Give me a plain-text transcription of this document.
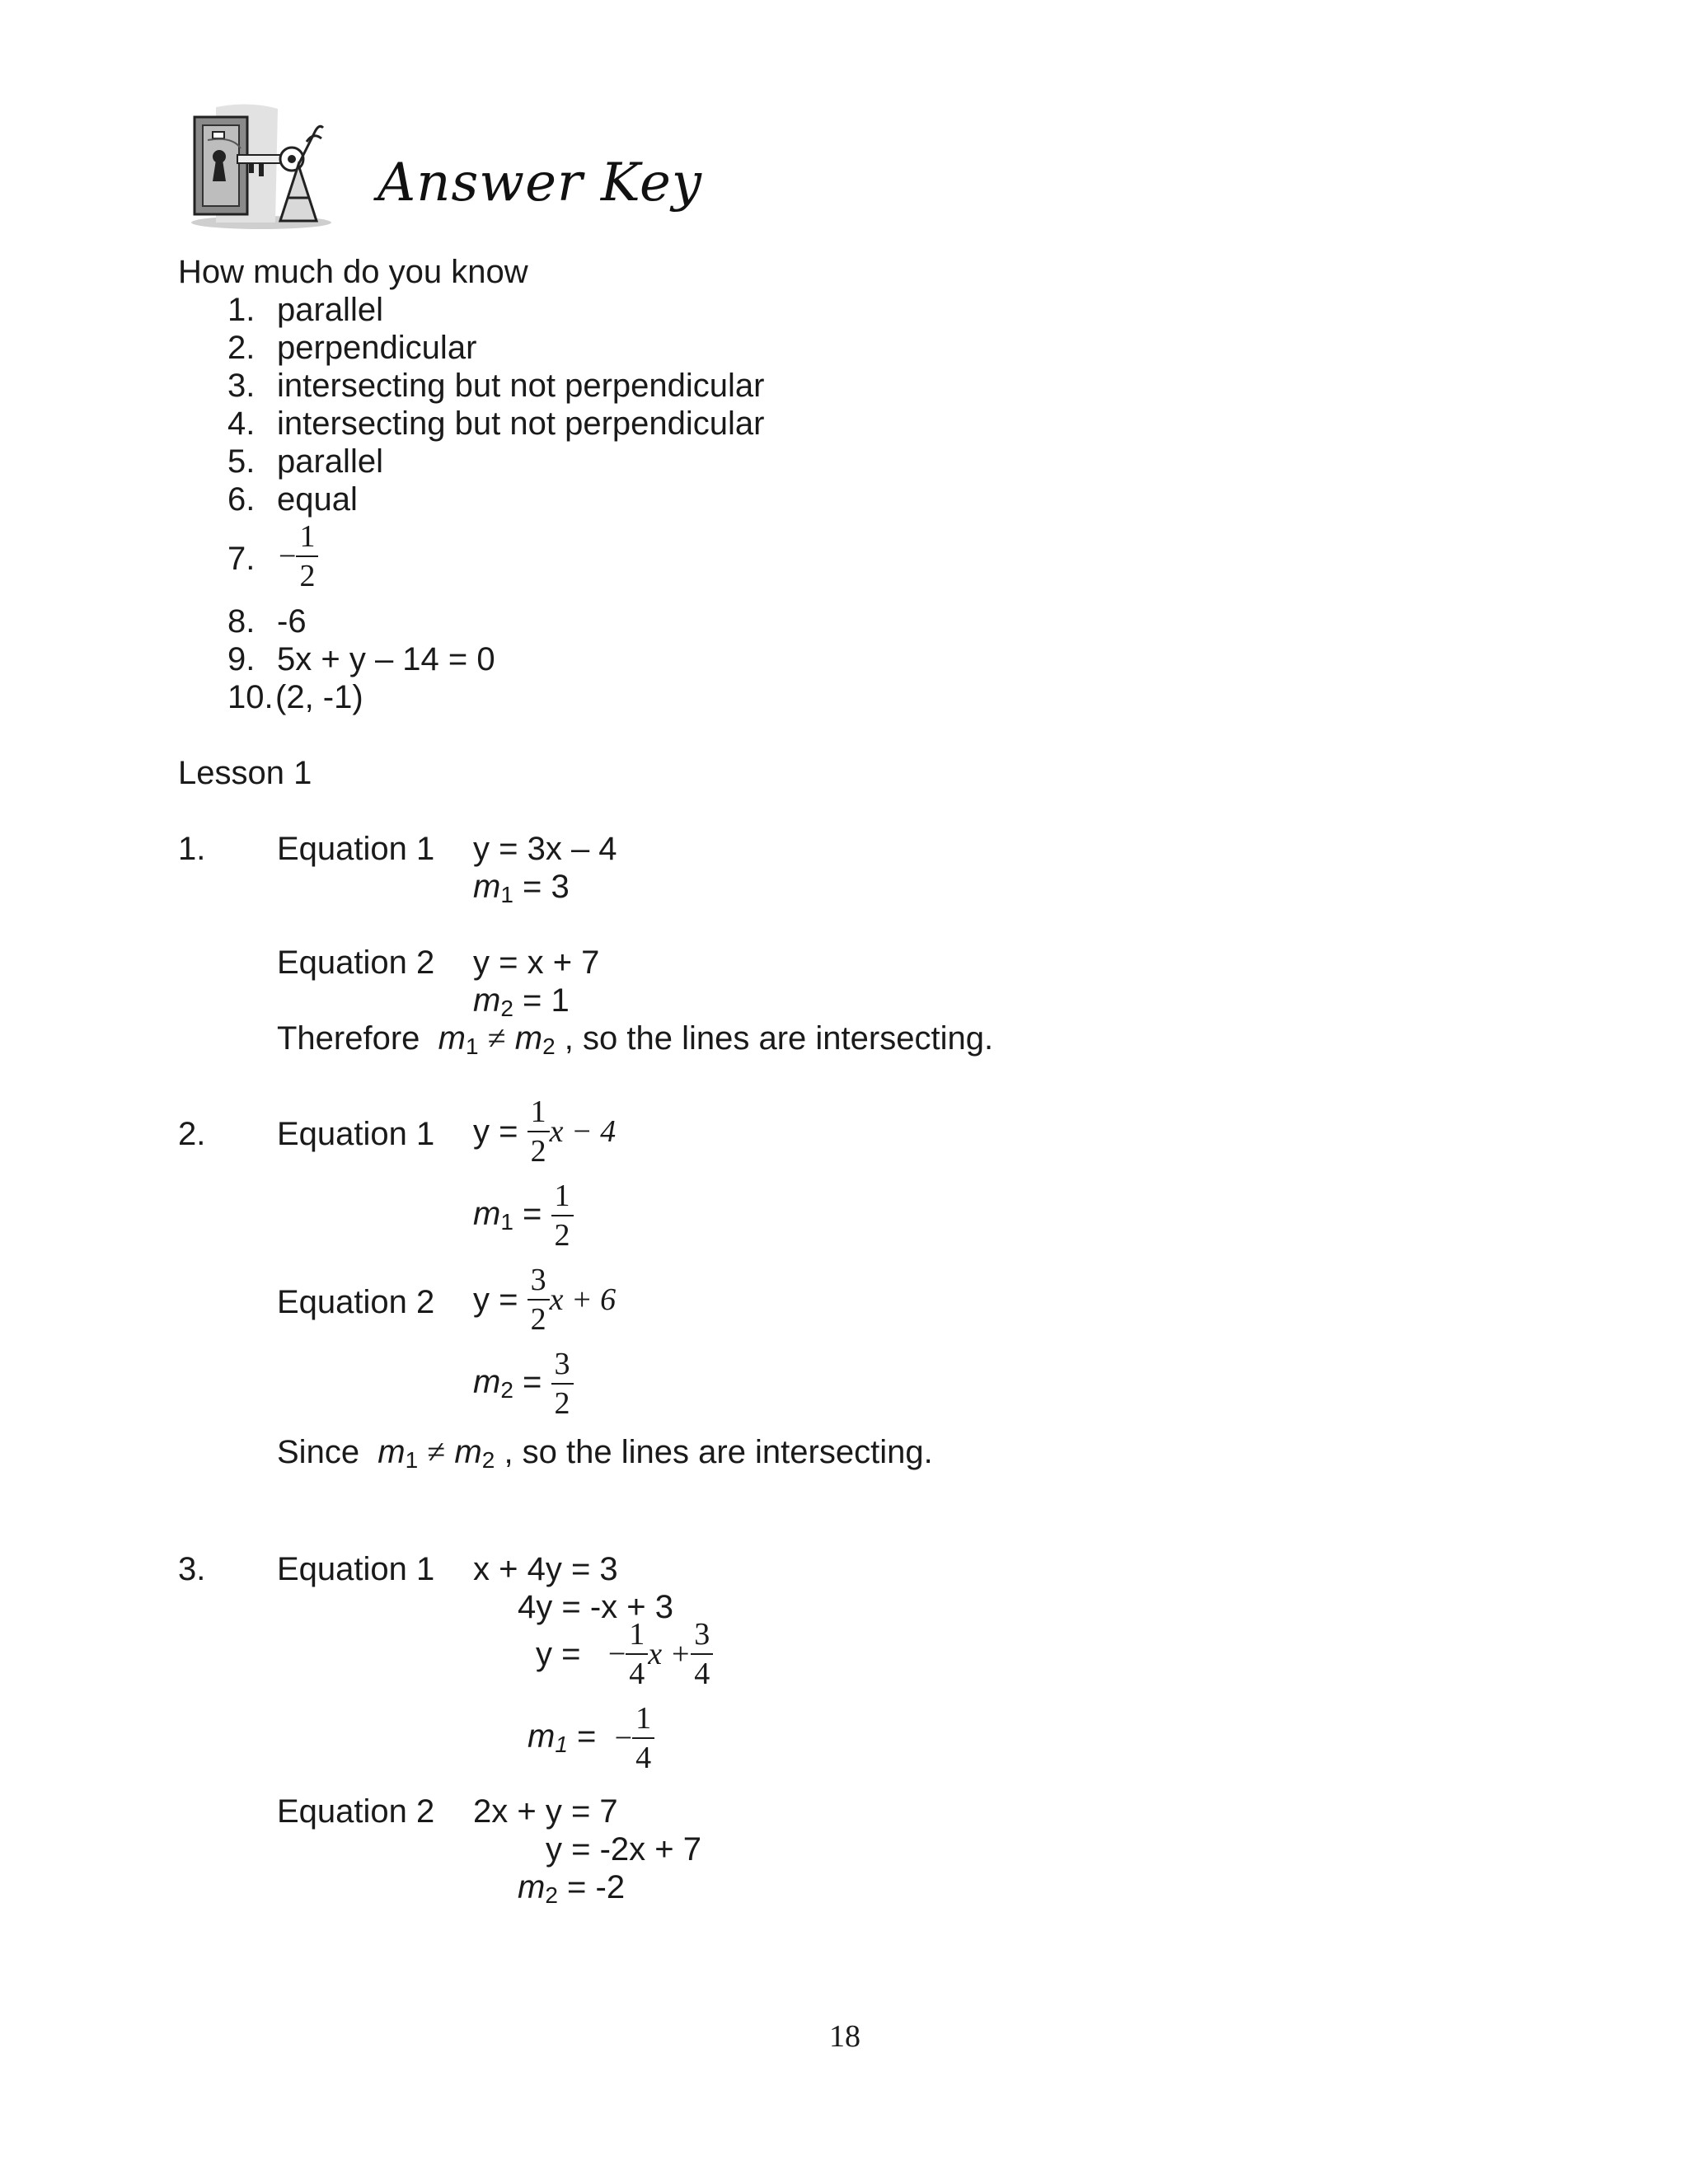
Answer Key
How much do you know
1. parallel
2. perpendicular
3. intersecting but not perpendicular
4. intersecting but not perpendicular
5. parallel
6. equal
7. − $\frac{1}{2}$
8. -6
9. 5x + y – 14 = 0
10. (2, -1)
Lesson 1
1. Equation 1 y = 3x – 4
$m_1 = 3$
Equation 2 y = x + 7
$m_2 = 1$
Therefore $m_1 \ne m_2$ , so the lines are intersecting.
2. Equation 1 $y = \frac{1}{2}$ x − 4
$m_1 = \frac{1}{2}$
Equation 2 $y = \frac{3}{2}$ x + 6
$m_2 = \frac{3}{2}$
Since $m_1 \ne m_2$ , so the lines are intersecting.
3. Equation 1 x + 4y = 3
4y = -x + 3
y = − $\frac{1}{4}$ $x + \frac{3}{4}$
$m_1$ = − $\frac{1}{4}$
Equation 2 2x + y = 7
y = -2x + 7
$m_2 = -2$
18
